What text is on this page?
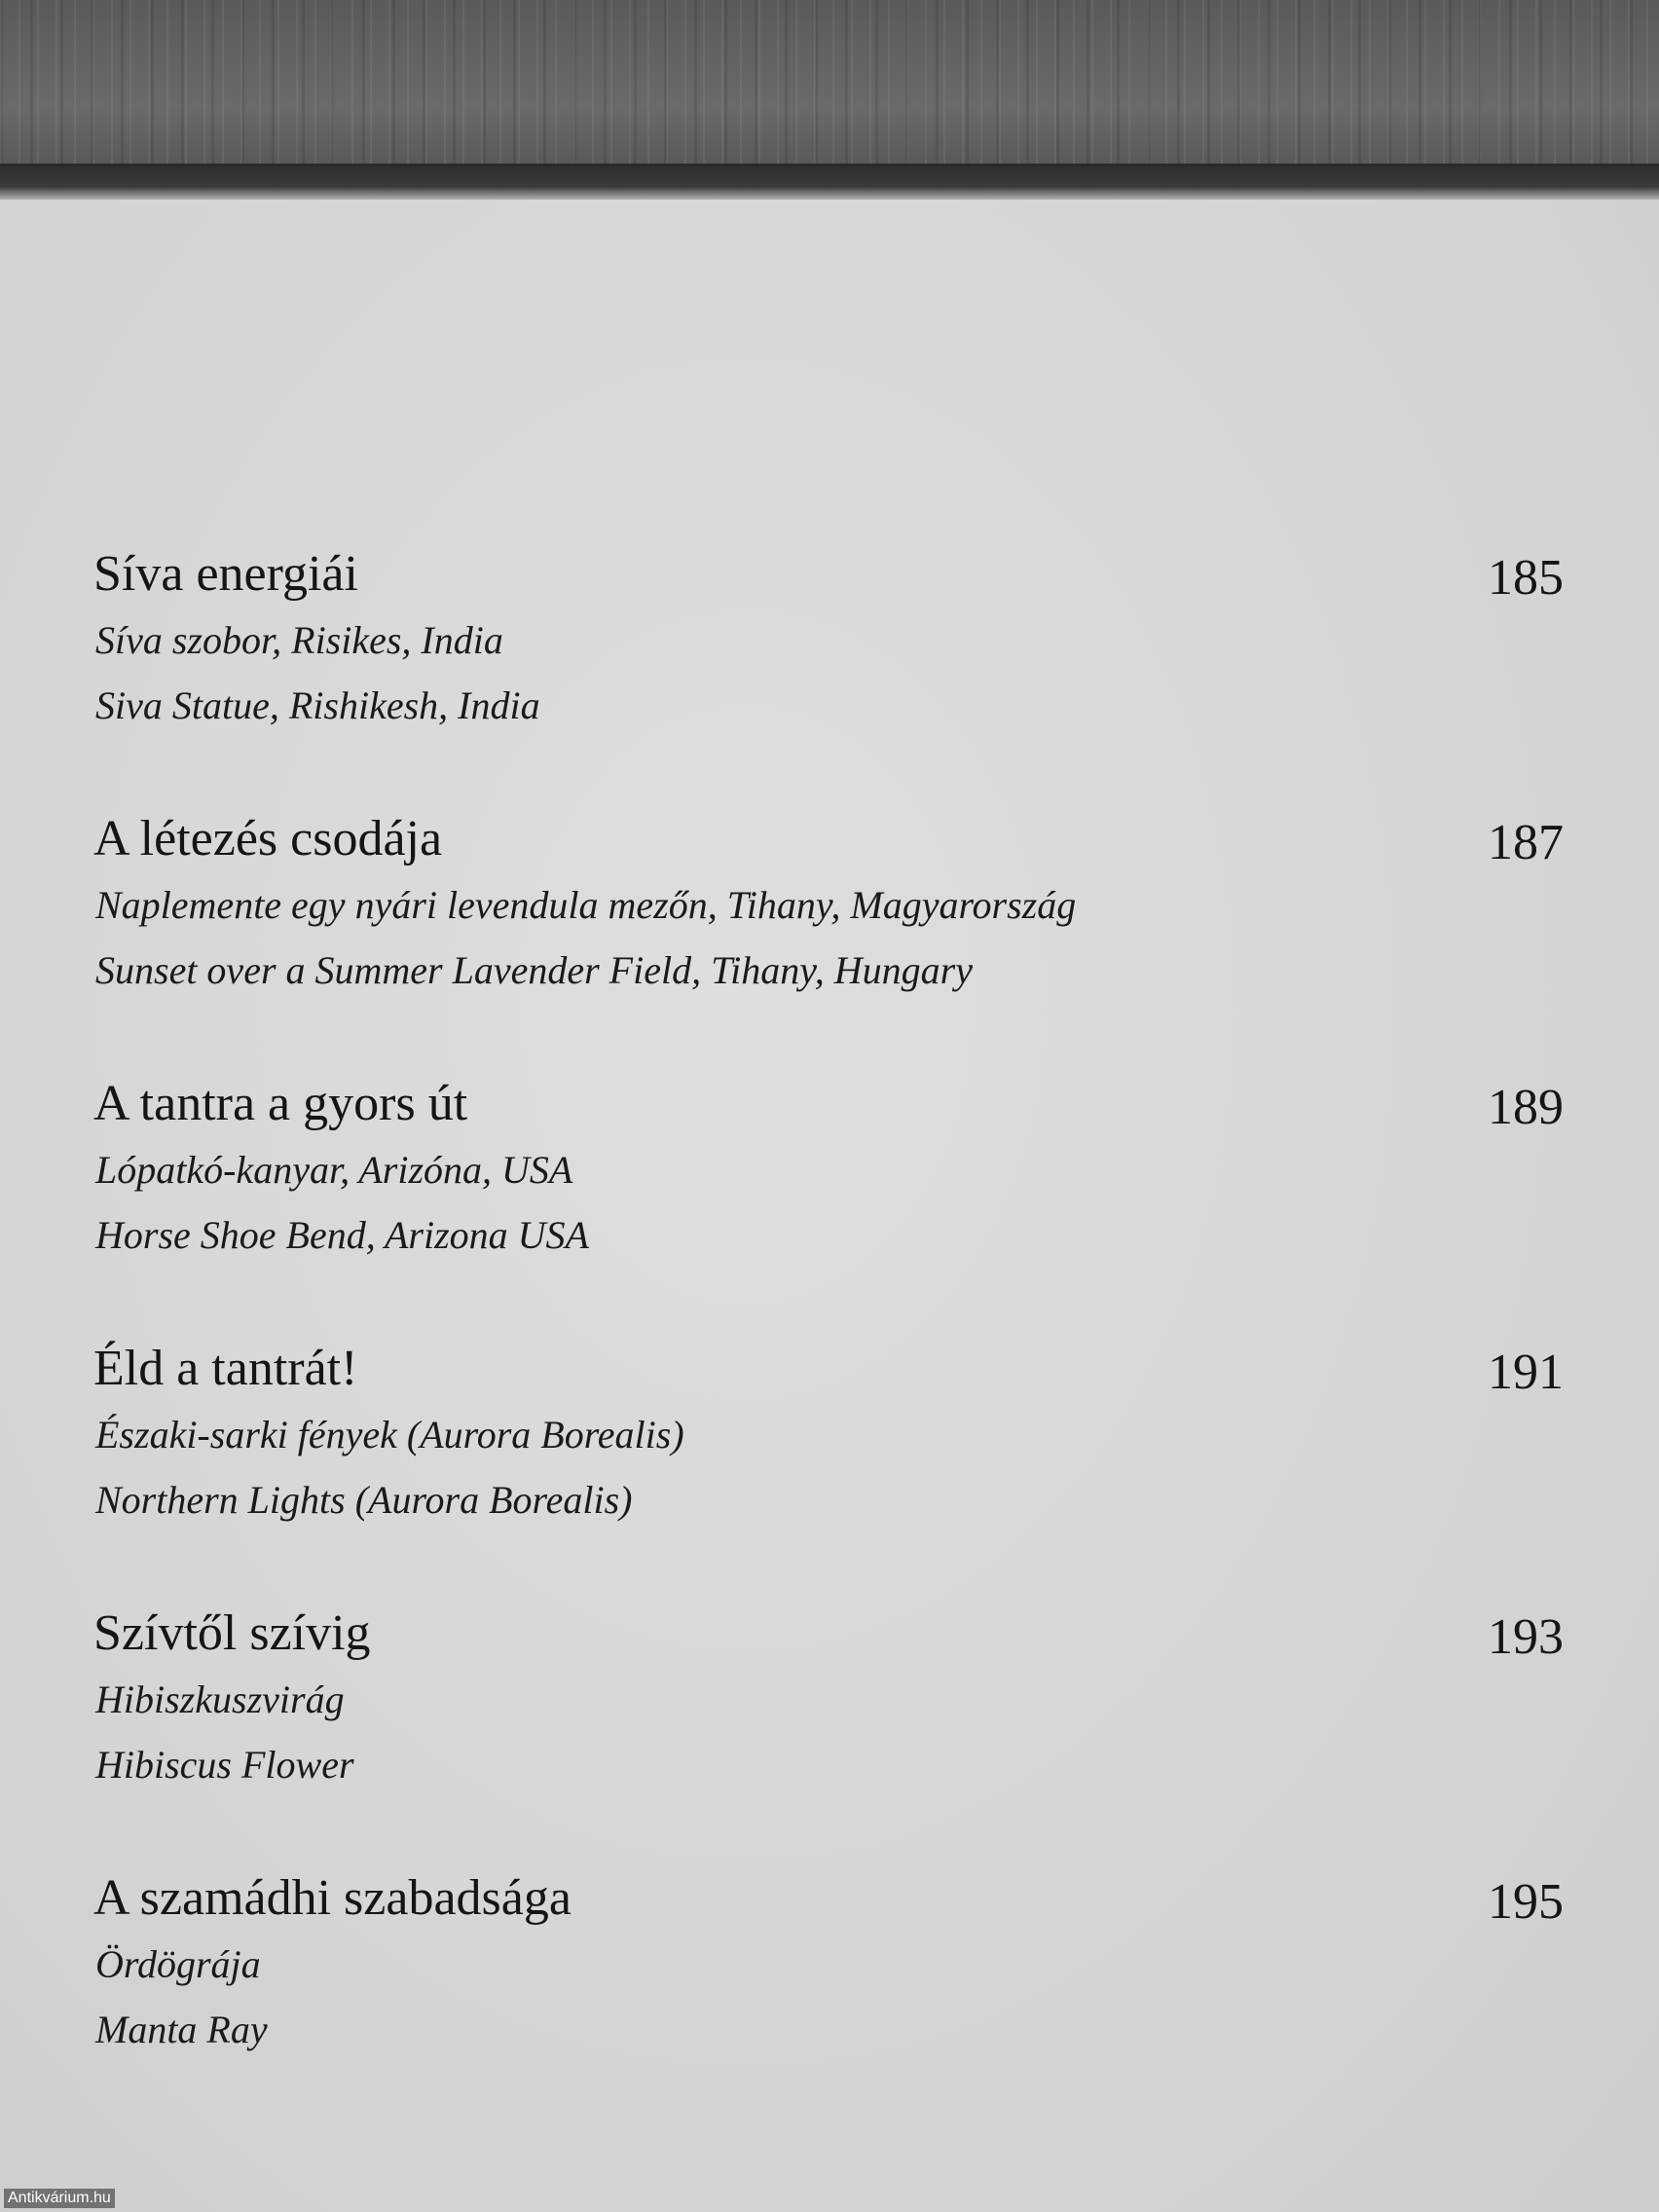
Síva energiái	185
Síva szobor, Risikes, India
Siva Statue, Rishikesh, India
A létezés csodája	187
Naplemente egy nyári levendula mezőn, Tihany, Magyarország
Sunset over a Summer Lavender Field, Tihany, Hungary
A tantra a gyors út	189
Lópatkó-kanyar, Arizóna, USA
Horse Shoe Bend, Arizona USA
Éld a tantrát!	191
Északi-sarki fények (Aurora Borealis)
Northern Lights (Aurora Borealis)
Szívtől szívig	193
Hibiszkuszvirág
Hibiscus Flower
A szamádhi szabadsága	195
Ördögrája
Manta Ray
Antikvárium.hu
